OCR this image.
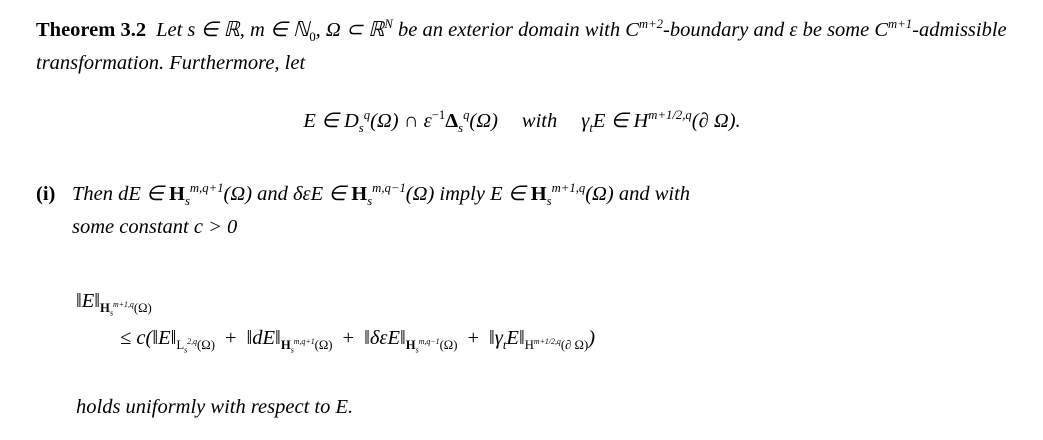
Theorem 3.2 Let s ∈ ℝ, m ∈ ℕ$_0$, Ω ⊂ ℝ$^N$ be an exterior domain with $C^{m+2}$-boundary and ε be some $C^{m+1}$-admissible transformation. Furthermore, let
E ∈ $D_s^q(\Omega)$ ∩ $\varepsilon^{-1}\Delta_s^q(\Omega)$ with $\gamma_tE$ ∈ $H^{m+1/2,q}(\partial$ Ω).
(i) Then dE ∈ $H_s^{m,q+1}(\Omega)$ and δεE ∈ $H_s^{m,q-1}(\Omega)$ imply E ∈ $H_s^{m+1,q}(\Omega)$ and with
some constant c > 0
$‖E‖_{H_s^{m+1,q}(\Omega)}$
≤ $c(‖E‖_{L_s^{2,q}(\Omega)}$ + $‖dE‖_{H_s^{m,q+1}(\Omega)}$ + $‖\delta\varepsilon E‖_{H_s^{m,q-1}(\Omega)}$ + $‖\gamma_tE‖_{H^{m+1/2,q}(\partial \Omega)}$)
holds uniformly with respect to E.
